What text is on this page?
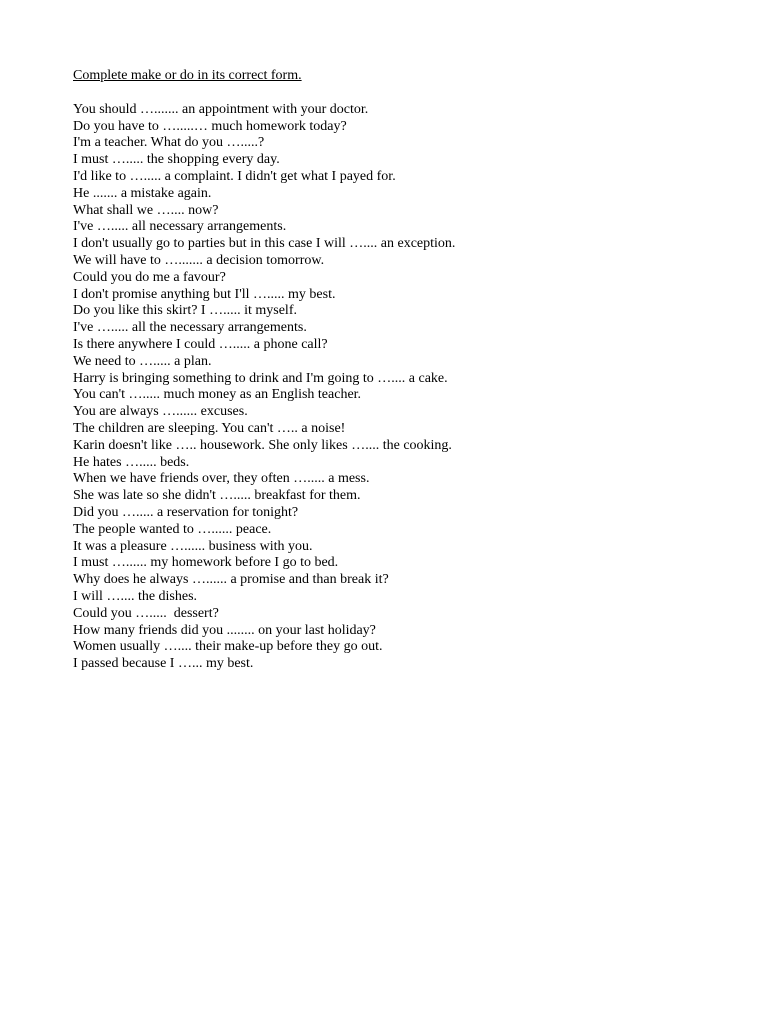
Complete make or do in its correct form.
You should …....... an appointment with your doctor.
Do you have to ….....… much homework today?
I'm a teacher. What do you ….....?
I must …..... the shopping every day.
I'd like to …..... a complaint. I didn't get what I payed for.
He ....... a mistake again.
What shall we ….... now?
I've …..... all necessary arrangements.
I don't usually go to parties but in this case I will ….... an exception.
We will have to …....... a decision tomorrow.
Could you do me a favour?
I don't promise anything but I'll …..... my best.
Do you like this skirt? I …..... it myself.
I've …..... all the necessary arrangements.
Is there anywhere I could …..... a phone call?
We need to …..... a plan.
Harry is bringing something to drink and I'm going to ….... a cake.
You can't …..... much money as an English teacher.
You are always …...... excuses.
The children are sleeping. You can't ….. a noise!
Karin doesn't like ….. housework. She only likes ….... the cooking.
He hates …..... beds.
When we have friends over, they often …..... a mess.
She was late so she didn't …..... breakfast for them.
Did you …..... a reservation for tonight?
The people wanted to …...... peace.
It was a pleasure …...... business with you.
I must …...... my homework before I go to bed.
Why does he always …...... a promise and than break it?
I will ….... the dishes.
Could you ….....  dessert?
How many friends did you ........ on your last holiday?
Women usually ….... their make-up before they go out.
I passed because I …... my best.
